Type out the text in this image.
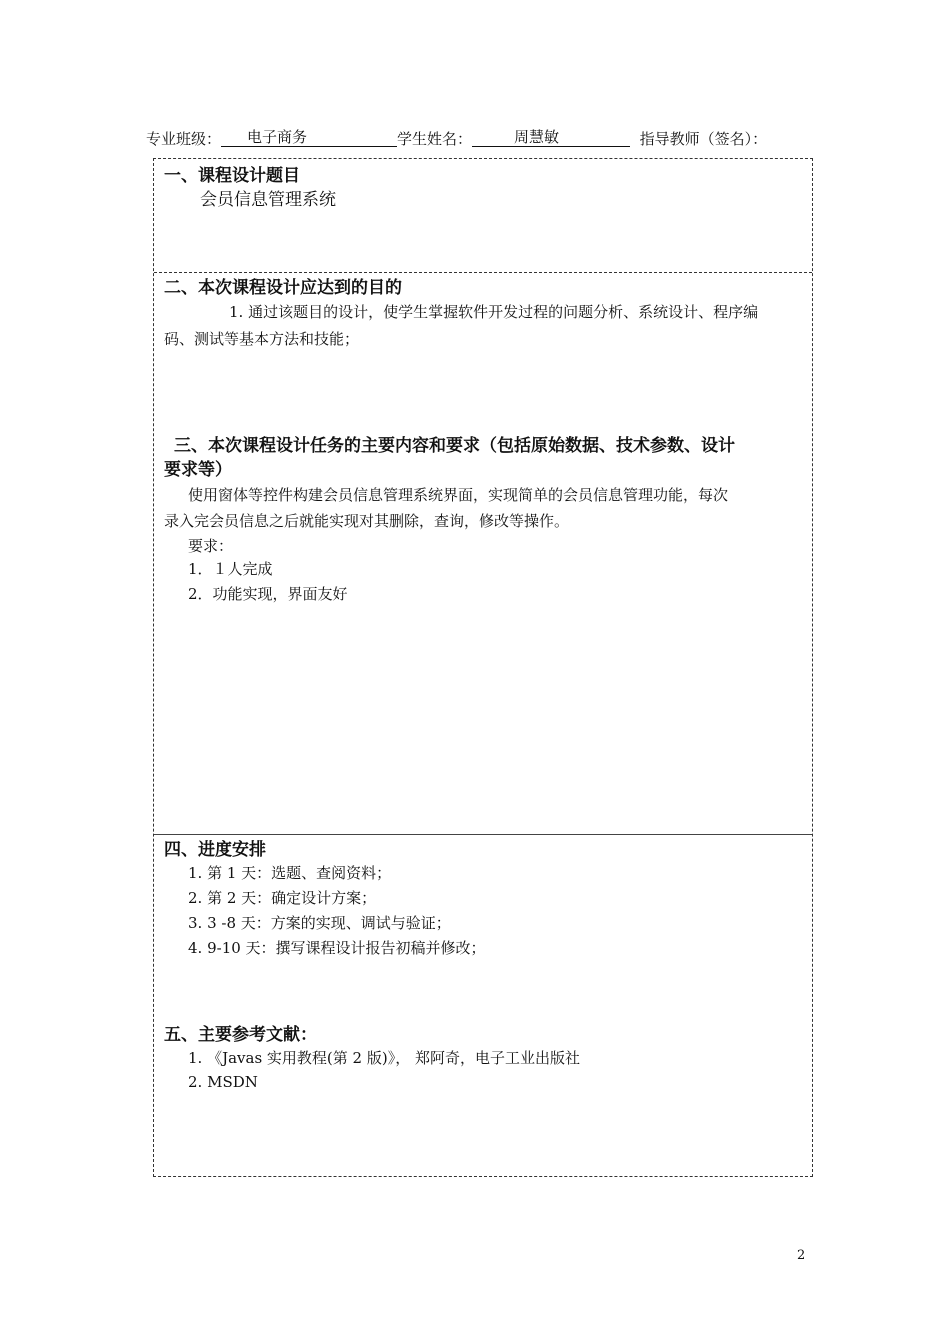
专业班级： 电子商务	学生姓名：	周慧敏	指导教师（签名）：
一、课程设计题目
会员信息管理系统
二、本次课程设计应达到的目的
1. 通过该题目的设计，使学生掌握软件开发过程的问题分析、系统设计、程序编
码、测试等基本方法和技能；
三、本次课程设计任务的主要内容和要求（包括原始数据、技术参数、设计
要求等）
使用窗体等控件构建会员信息管理系统界面，实现简单的会员信息管理功能，每次
录入完会员信息之后就能实现对其删除，查询，修改等操作。
要求：
1．１人完成
2．功能实现，界面友好
四、进度安排
1. 第 1 天：选题、查阅资料；
2. 第 2 天：确定设计方案；
3. 3 -8 天：方案的实现、调试与验证；
4. 9-10 天：撰写课程设计报告初稿并修改；
五、主要参考文献：
1. 《Javas 实用教程(第 2 版)》， 郑阿奇，电子工业出版社
2. MSDN
2
